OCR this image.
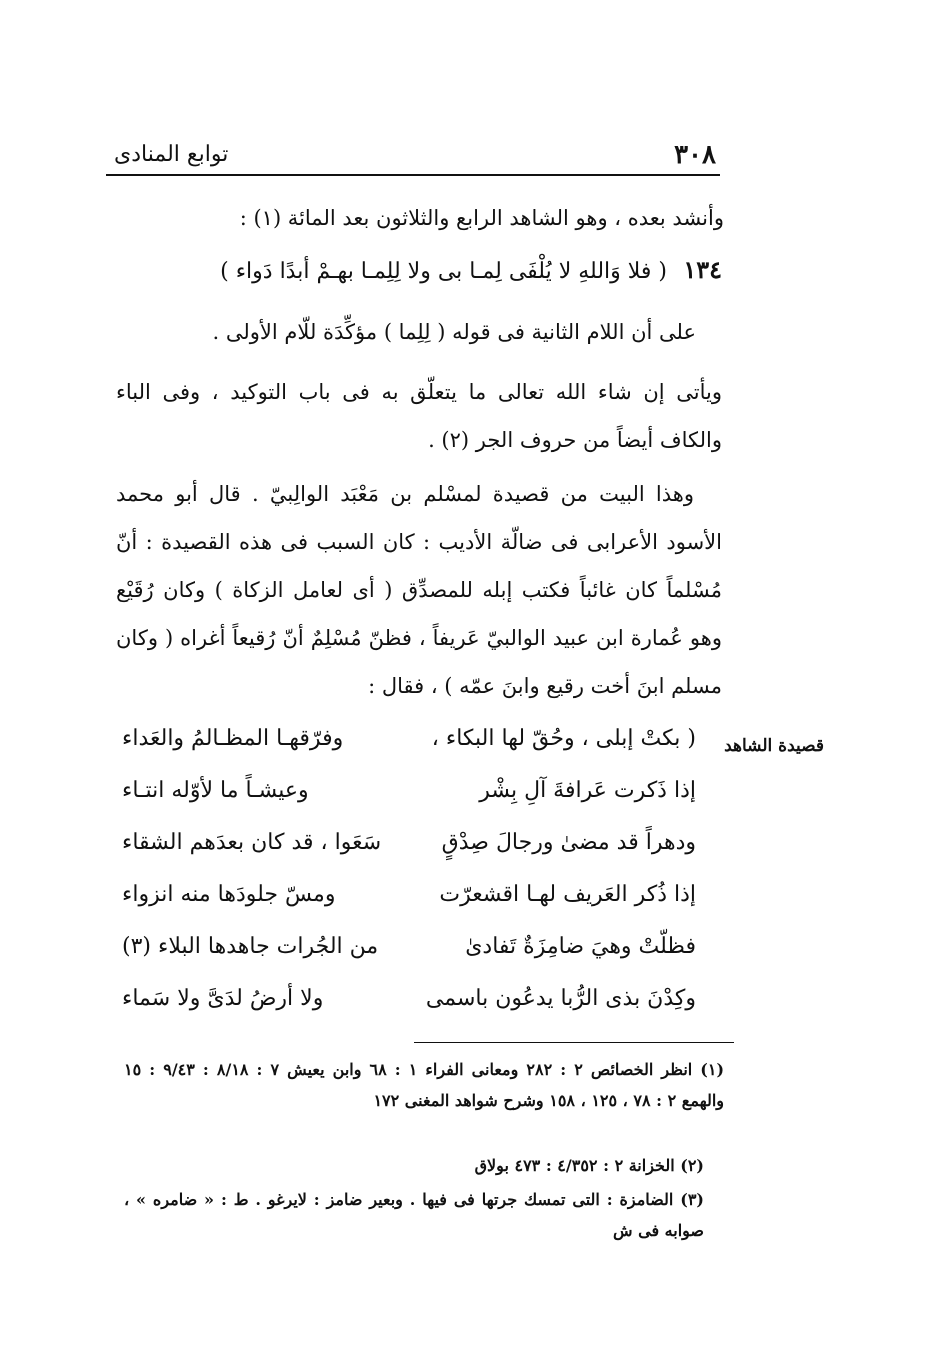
٣٠٨
توابع المنادى
وأنشد بعده ، وهو الشاهد الرابع والثلاثون بعد المائة (١) :
١٣٤ ( فلا وَاللهِ لا يُلْفَى لِمـا بى ولا لِلِمـا بهـمْ أبدًا دَواء )
على أن اللام الثانية فى قوله ( لِلِما ) مؤكِّدَة للّام الأولى .
ويأتى إن شاء الله تعالى ما يتعلّق به فى باب التوكيد ، وفى الباء والكاف أيضاً من حروف الجر (٢) .
وهذا البيت من قصيدة لمسْلم بن مَعْبَد الوالِبيّ . قال أبو محمد الأسود الأعرابى فى ضالّة الأديب : كان السبب فى هذه القصيدة : أنّ مُسْلماً كان غائباً فكتب إبله للمصدِّق ( أى لعامل الزكاة ) وكان رُقَيْع وهو عُمارة ابن عبيد الوالبيّ عَريفاً ، فظنّ مُسْلِمٌ أنّ رُقيعاً أغراه ( وكان مسلم ابنَ أخت رقيع وابنَ عمّه ) ، فقال :
قصيدة الشاهد
( بكتْ إبلى ، وحُقّ لها البكاء ،
وفرّقهـا المظـالمُ والعَداء
إذا ذَكرت عَرافةَ آلِ بِشْر
وعيشـاً ما لأوّله انتـاء
ودهراً قد مضىٰ ورجالَ صِدْقٍ
سَعَوا ، قد كان بعدَهم الشقاء
إذا ذُكر العَريف لهـا اقشعرّت
ومسّ جلودَها منه انزواء
فظلّتْ وهيَ ضامِزَةٌ تَفادىٰ
من الجُرات جاهدها البلاء (٣)
وكِدْنَ بذى الرُّبا يدعُون باسمى
ولا أرضُ لدَىَّ ولا سَماء
(١) انظر الخصائص ٢ : ٢٨٢ ومعانى الفراء ١ : ٦٨ وابن يعيش ٧ : ٨/١٨ : ٩/٤٣ : ١٥ والهمع ٢ : ٧٨ ، ١٢٥ ، ١٥٨ وشرح شواهد المغنى ١٧٢
(٢) الخزانة ٢ : ٤/٣٥٢ : ٤٧٣ بولاق
(٣) الضامزة : التى تمسك جرتها فى فيها . وبعير ضامز : لايرغو . ط : « ضامره » ، صوابه فى ش
